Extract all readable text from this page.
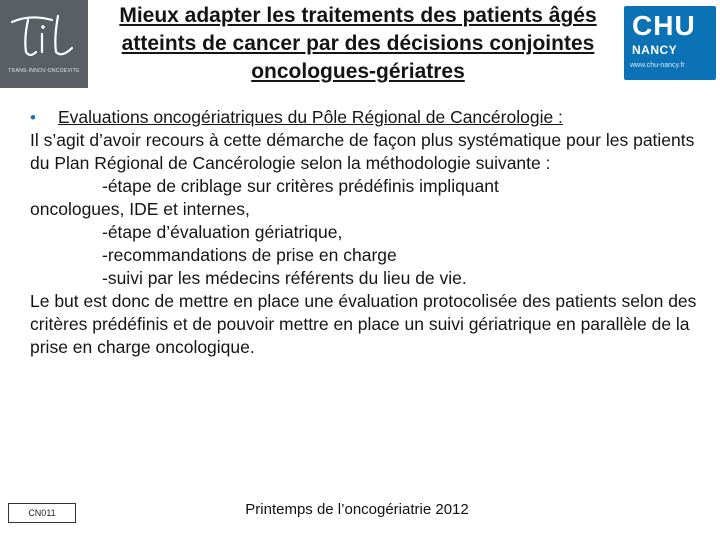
TRANS-INNOV-ONCOEVITE
Mieux adapter les traitements des patients âgés
atteints de cancer par des décisions conjointes
oncologues-gériatres
CHU
NANCY
www.chu-nancy.fr
• Evaluations oncogériatriques du Pôle Régional de Cancérologie :
Il s’agit d’avoir recours à cette démarche de façon plus systématique pour les patients du Plan Régional de Cancérologie selon la méthodologie suivante :
-étape de criblage sur critères prédéfinis impliquant
oncologues, IDE et internes,
-étape d’évaluation gériatrique,
-recommandations de prise en charge
-suivi par les médecins référents du lieu de vie.
Le but est donc de mettre en place une évaluation protocolisée des patients selon des critères prédéfinis et de pouvoir mettre en place un suivi gériatrique en parallèle de la prise en charge oncologique.
CN011	Printemps de l’oncogériatrie 2012
